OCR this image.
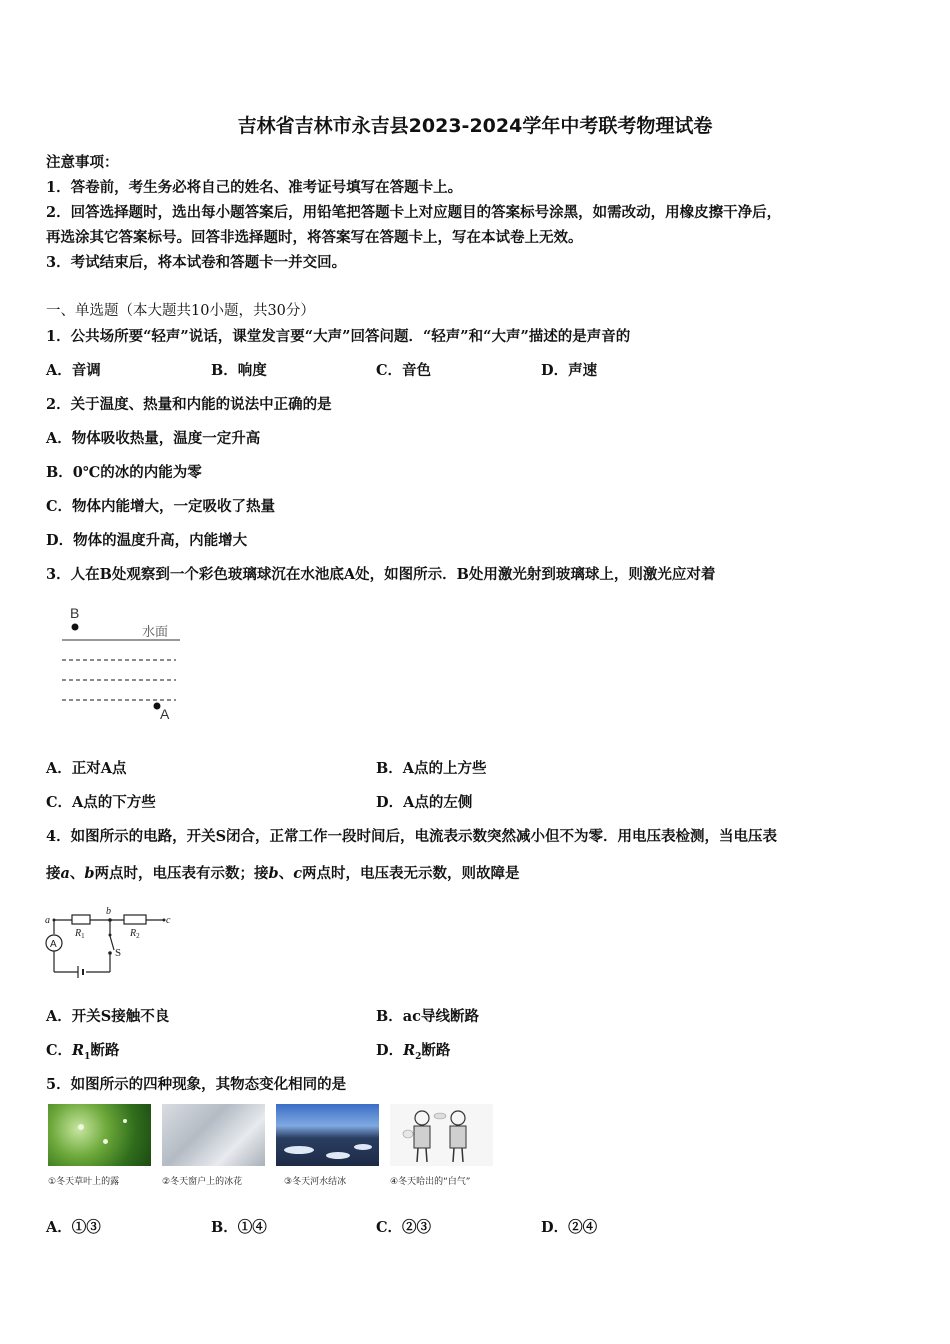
吉林省吉林市永吉县2023-2024学年中考联考物理试卷
注意事项：
1．答卷前，考生务必将自己的姓名、准考证号填写在答题卡上。
2．回答选择题时，选出每小题答案后，用铅笔把答题卡上对应题目的答案标号涂黑，如需改动，用橡皮擦干净后，
再选涂其它答案标号。回答非选择题时，将答案写在答题卡上，写在本试卷上无效。
3．考试结束后，将本试卷和答题卡一并交回。
一、单选题（本大题共10小题，共30分）
1．公共场所要“轻声”说话，课堂发言要“大声”回答问题．“轻声”和“大声”描述的是声音的
A．音调	B．响度	C．音色	D．声速
2．关于温度、热量和内能的说法中正确的是
A．物体吸收热量，温度一定升高
B．0℃的冰的内能为零
C．物体内能增大，一定吸收了热量
D．物体的温度升高，内能增大
3．人在B处观察到一个彩色玻璃球沉在水池底A处，如图所示．B处用激光射到玻璃球上，则激光应对着
B
水面
A
A．正对A点	B．A点的上方些
C．A点的下方些	D．A点的左侧
4．如图所示的电路，开关S闭合，正常工作一段时间后，电流表示数突然减小但不为零．用电压表检测，当电压表
接a、b两点时，电压表有示数；接b、c两点时，电压表无示数，则故障是
a
b
c
$R_1$	$R_2$
A
S
A．开关S接触不良	B．ac导线断路
C．$R_1$断路	D．$R_2$断路
5．如图所示的四种现象，其物态变化相同的是
①冬天草叶上的露	②冬天窗户上的冰花	③冬天河水结冰	④冬天哈出的“白气”
A．①③	B．①④	C．②③	D．②④
